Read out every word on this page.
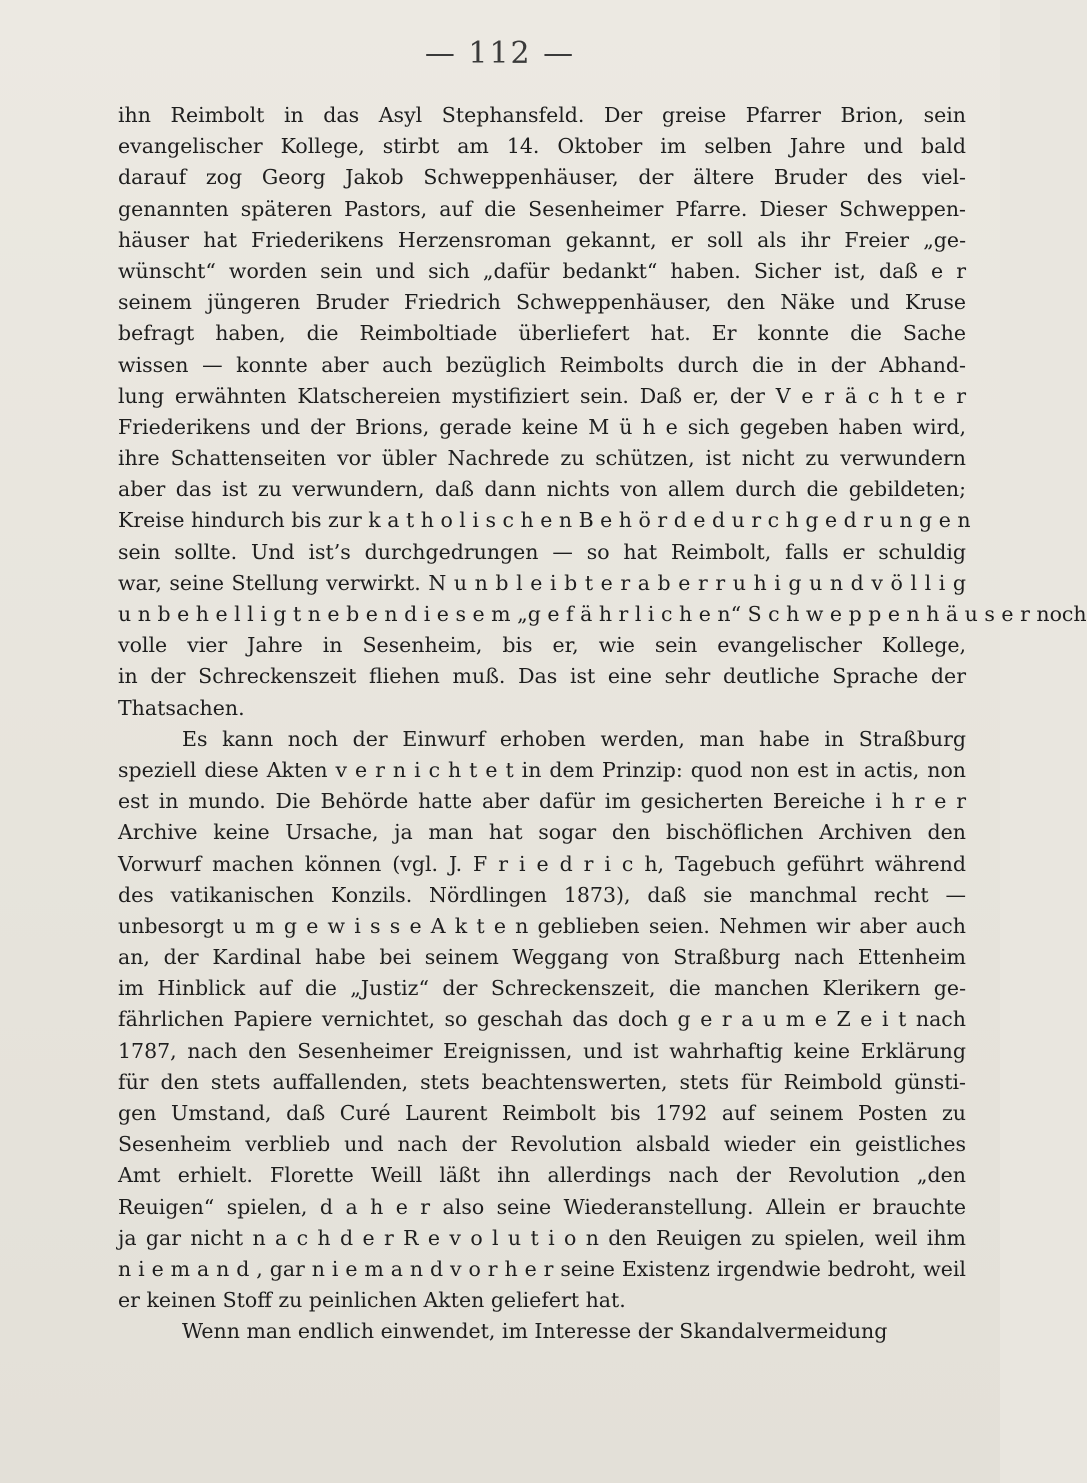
— 112 —
ihn Reimbolt in das Asyl Stephansfeld. Der greise Pfarrer Brion, sein
evangelischer Kollege, stirbt am 14. Oktober im selben Jahre und bald
darauf zog Georg Jakob Schweppenhäuser, der ältere Bruder des viel-
genannten späteren Pastors, auf die Sesenheimer Pfarre. Dieser Schweppen-
häuser hat Friederikens Herzensroman gekannt, er soll als ihr Freier „ge-
wünscht“ worden sein und sich „dafür bedankt“ haben. Sicher ist, daß e r
seinem jüngeren Bruder Friedrich Schweppenhäuser, den Näke und Kruse
befragt haben, die Reimboltiade überliefert hat. Er konnte die Sache
wissen — konnte aber auch bezüglich Reimbolts durch die in der Abhand-
lung erwähnten Klatschereien mystifiziert sein. Daß er, der V e r ä c h t e r
Friederikens und der Brions, gerade keine M ü h e sich gegeben haben wird,
ihre Schattenseiten vor übler Nachrede zu schützen, ist nicht zu verwundern
aber das ist zu verwundern, daß dann nichts von allem durch die gebildeten;
Kreise hindurch bis zur k a t h o l i s c h e n B e h ö r d e d u r c h g e d r u n g e n
sein sollte. Und ist’s durchgedrungen — so hat Reimbolt, falls er schuldig
war, seine Stellung verwirkt. N u n b l e i b t e r a b e r r u h i g u n d v ö l l i g
u n b e h e l l i g t n e b e n d i e s e m „g e f ä h r l i c h e n“ S c h w e p p e n h ä u s e r noch
volle vier Jahre in Sesenheim, bis er, wie sein evangelischer Kollege,
in der Schreckenszeit fliehen muß. Das ist eine sehr deutliche Sprache der
Thatsachen.
Es kann noch der Einwurf erhoben werden, man habe in Straßburg
speziell diese Akten v e r n i c h t e t in dem Prinzip: quod non est in actis, non
est in mundo. Die Behörde hatte aber dafür im gesicherten Bereiche i h r e r
Archive keine Ursache, ja man hat sogar den bischöflichen Archiven den
Vorwurf machen können (vgl. J. F r i e d r i c h, Tagebuch geführt während
des vatikanischen Konzils. Nördlingen 1873), daß sie manchmal recht —
unbesorgt u m g e w i s s e A k t e n geblieben seien. Nehmen wir aber auch
an, der Kardinal habe bei seinem Weggang von Straßburg nach Ettenheim
im Hinblick auf die „Justiz“ der Schreckenszeit, die manchen Klerikern ge-
fährlichen Papiere vernichtet, so geschah das doch g e r a u m e Z e i t nach
1787, nach den Sesenheimer Ereignissen, und ist wahrhaftig keine Erklärung
für den stets auffallenden, stets beachtenswerten, stets für Reimbold günsti-
gen Umstand, daß Curé Laurent Reimbolt bis 1792 auf seinem Posten zu
Sesenheim verblieb und nach der Revolution alsbald wieder ein geistliches
Amt erhielt. Florette Weill läßt ihn allerdings nach der Revolution „den
Reuigen“ spielen, d a h e r also seine Wiederanstellung. Allein er brauchte
ja gar nicht n a c h d e r R e v o l u t i o n den Reuigen zu spielen, weil ihm
n i e m a n d , gar n i e m a n d v o r h e r seine Existenz irgendwie bedroht, weil
er keinen Stoff zu peinlichen Akten geliefert hat.
Wenn man endlich einwendet, im Interesse der Skandalvermeidung
